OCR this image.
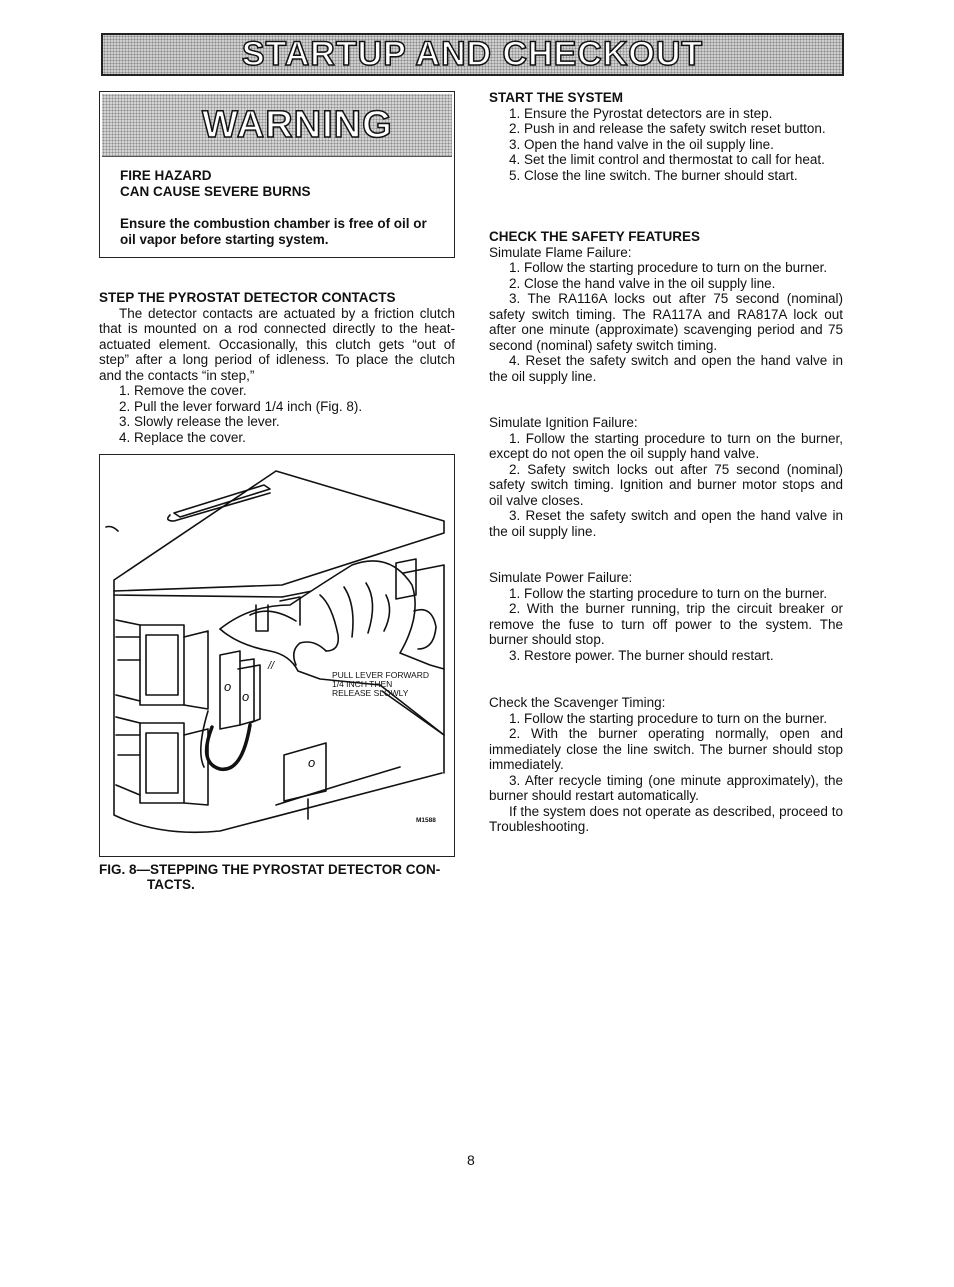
STARTUP AND CHECKOUT
WARNING

FIRE HAZARD

CAN CAUSE SEVERE BURNS

Ensure the combustion chamber is free of oil or

oil vapor before starting system.

STEP THE PYROSTAT DETECTOR CONTACTS

The detector contacts are actuated by a friction clutch that is mounted on a rod connected directly to the heat-actuated element. Occasionally, this clutch gets “out of step” after a long period of idleness. To place the clutch and the contacts “in step,”

1. Remove the cover.

2. Pull the lever forward 1/4 inch (Fig. 8).

3. Slowly release the lever.

4. Replace the cover.

o
o
o
//
PULL LEVER FORWARD
1/4 INCH THEN
RELEASE SLOWLY
M1588
FIG. 8—STEPPING THE PYROSTAT DETECTOR CON-
TACTS.

START THE SYSTEM

1. Ensure the Pyrostat detectors are in step.

2. Push in and release the safety switch reset button.

3. Open the hand valve in the oil supply line.

4. Set the limit control and thermostat to call for heat.

5. Close the line switch. The burner should start.

CHECK THE SAFETY FEATURES

Simulate Flame Failure:

1. Follow the starting procedure to turn on the burner.

2. Close the hand valve in the oil supply line.

3. The RA116A locks out after 75 second (nominal) safety switch timing. The RA117A and RA817A lock out after one minute (approximate) scavenging period and 75 second (nominal) safety switch timing.

4. Reset the safety switch and open the hand valve in the oil supply line.

Simulate Ignition Failure:

1. Follow the starting procedure to turn on the burner, except do not open the oil supply hand valve.

2. Safety switch locks out after 75 second (nominal) safety switch timing. Ignition and burner motor stops and oil valve closes.

3. Reset the safety switch and open the hand valve in the oil supply line.

Simulate Power Failure:

1. Follow the starting procedure to turn on the burner.

2. With the burner running, trip the circuit breaker or remove the fuse to turn off power to the system. The burner should stop.

3. Restore power. The burner should restart.

Check the Scavenger Timing:

1. Follow the starting procedure to turn on the burner.

2. With the burner operating normally, open and immediately close the line switch. The burner should stop immediately.

3. After recycle timing (one minute approximately), the burner should restart automatically.

If the system does not operate as described, proceed to Troubleshooting.

8
